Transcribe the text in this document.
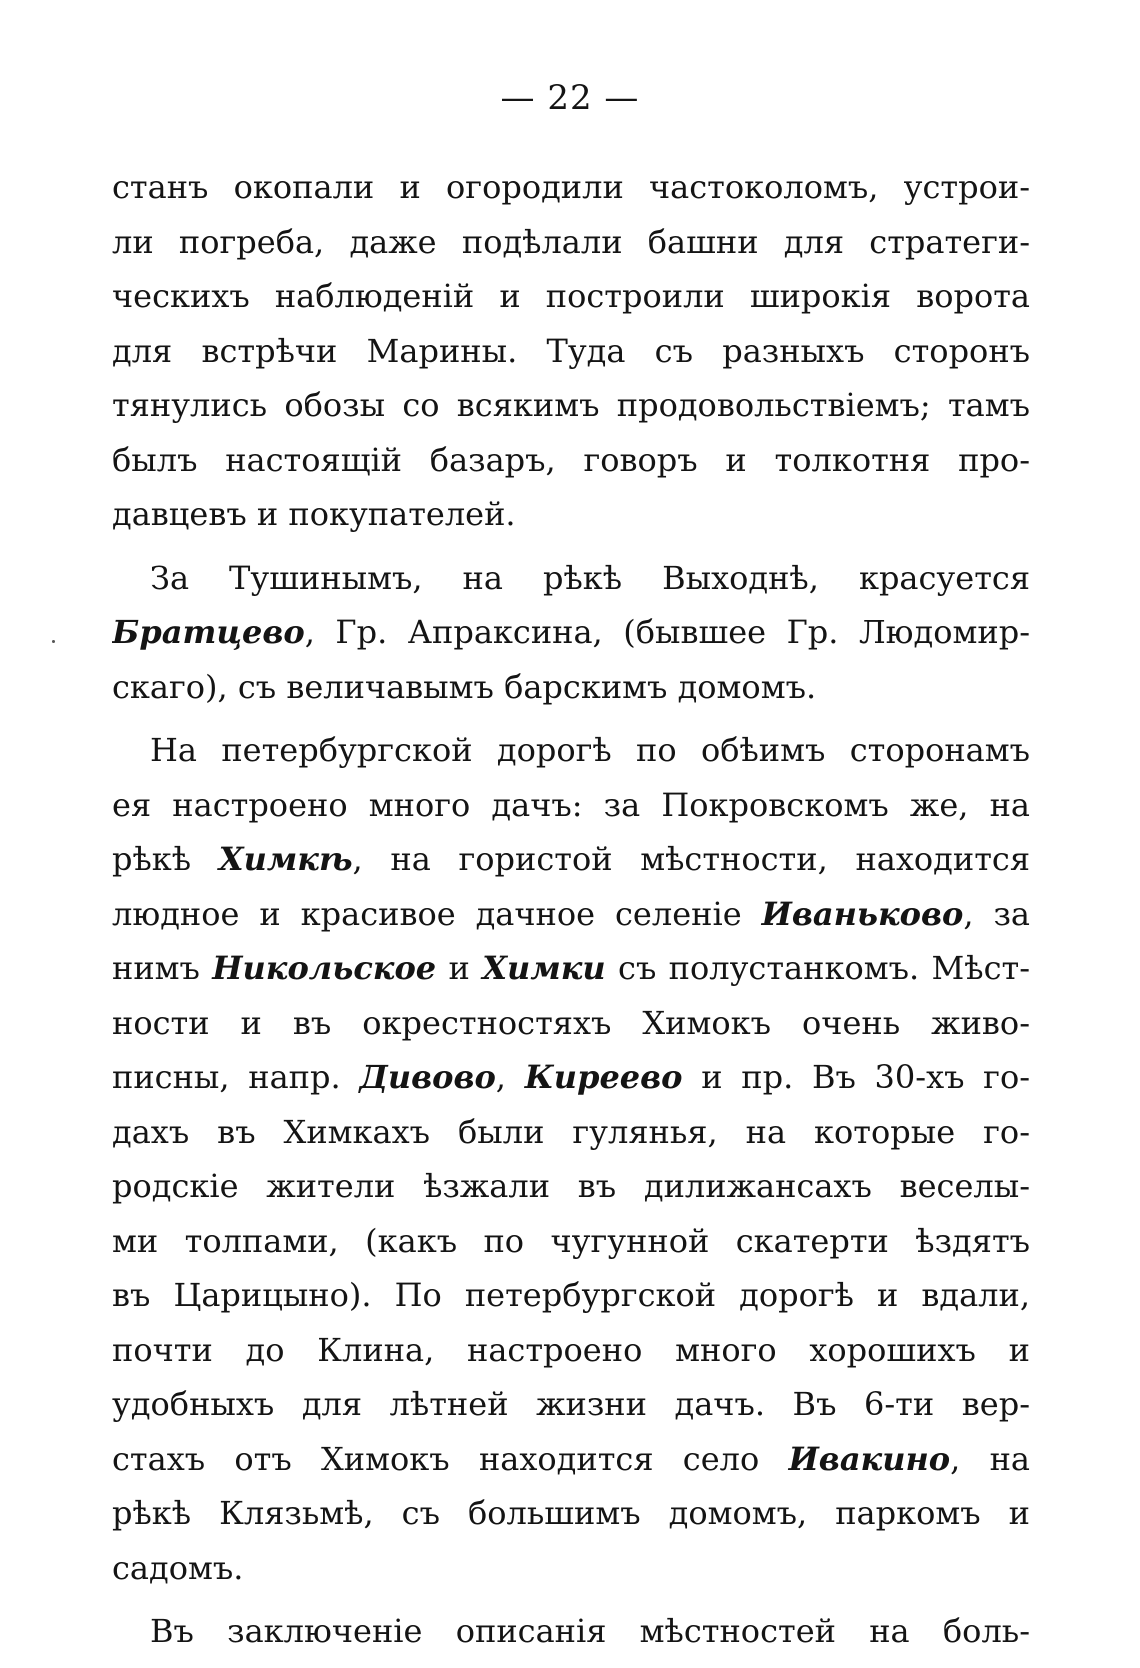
— 22 —
станъ окопали и огородили частоколомъ, устрои-
ли погреба, даже подѣлали башни для стратеги-
ческихъ наблюденій и построили широкія ворота
для встрѣчи Марины. Туда съ разныхъ сторонъ
тянулись обозы со всякимъ продовольствіемъ; тамъ
былъ настоящій базаръ, говоръ и толкотня про-
давцевъ и покупателей.
За Тушинымъ, на рѣкѣ Выходнѣ, красуется
Братцево, Гр. Апраксина, (бывшее Гр. Людомир-
скаго), съ величавымъ барскимъ домомъ.
На петербургской дорогѣ по обѣимъ сторонамъ
ея настроено много дачъ: за Покровскомъ же, на
рѣкѣ Химкѣ, на гористой мѣстности, находится
людное и красивое дачное селеніе Иваньково, за
нимъ Никольское и Химки съ полустанкомъ. Мѣст-
ности и въ окрестностяхъ Химокъ очень живо-
писны, напр. Дивово, Киреево и пр. Въ 30-хъ го-
дахъ въ Химкахъ были гулянья, на которые го-
родскіе жители ѣзжали въ дилижансахъ веселы-
ми толпами, (какъ по чугунной скатерти ѣздятъ
въ Царицыно). По петербургской дорогѣ и вдали,
почти до Клина, настроено много хорошихъ и
удобныхъ для лѣтней жизни дачъ. Въ 6-ти вер-
стахъ отъ Химокъ находится село Ивакино, на
рѣкѣ Клязьмѣ, съ большимъ домомъ, паркомъ и
садомъ.
Въ заключеніе описанія мѣстностей на боль-
